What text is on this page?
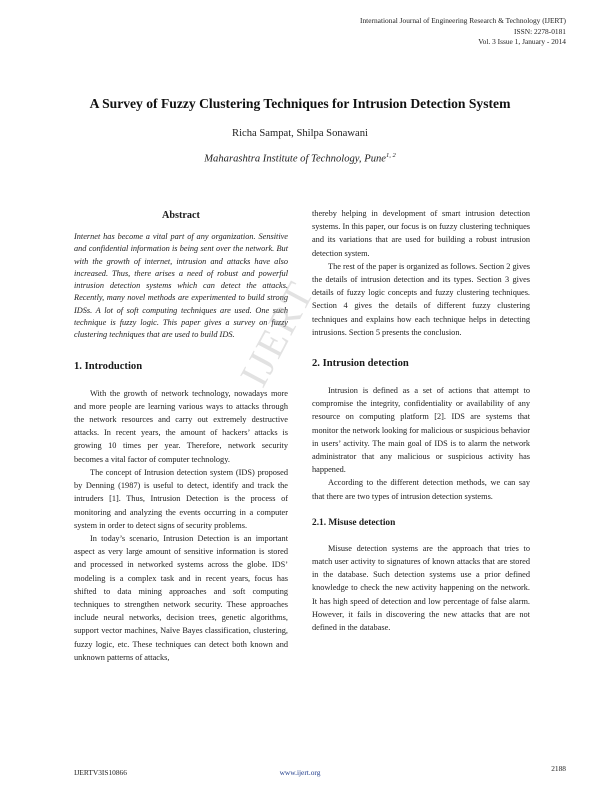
International Journal of Engineering Research & Technology (IJERT)
ISSN: 2278-0181
Vol. 3 Issue 1, January - 2014
A Survey of Fuzzy Clustering Techniques for Intrusion Detection System
Richa Sampat, Shilpa Sonawani
Maharashtra Institute of Technology, Pune$^{1, 2}$
Abstract

Internet has become a vital part of any organization. Sensitive and confidential information is being sent over the network. But with the growth of internet, intrusion and attacks have also increased. Thus, there arises a need of robust and powerful intrusion detection systems which can detect the attacks. Recently, many novel methods are experimented to build strong IDSs. A lot of soft computing techniques are used. One such technique is fuzzy logic. This paper gives a survey on fuzzy clustering techniques that are used to build IDS.

1. Introduction

With the growth of network technology, nowadays more and more people are learning various ways to attacks through the network resources and carry out extremely destructive attacks. In recent years, the amount of hackers’ attacks is growing 10 times per year. Therefore, network security becomes a vital factor of computer technology.

The concept of Intrusion detection system (IDS) proposed by Denning (1987) is useful to detect, identify and track the intruders [1]. Thus, Intrusion Detection is the process of monitoring and analyzing the events occurring in a computer system in order to detect signs of security problems.

In today’s scenario, Intrusion Detection is an important aspect as very large amount of sensitive information is stored and processed in networked systems across the globe. IDS’ modeling is a complex task and in recent years, focus has shifted to data mining approaches and soft computing techniques to strengthen network security. These approaches include neural networks, decision trees, genetic algorithms, support vector machines, Naïve Bayes classification, clustering, fuzzy logic, etc. These techniques can detect both known and unknown patterns of attacks,

thereby helping in development of smart intrusion detection systems. In this paper, our focus is on fuzzy clustering techniques and its variations that are used for building a robust intrusion detection system.

The rest of the paper is organized as follows. Section 2 gives the details of intrusion detection and its types. Section 3 gives details of fuzzy logic concepts and fuzzy clustering techniques. Section 4 gives the details of different fuzzy clustering techniques and explains how each technique helps in detecting intrusions. Section 5 presents the conclusion.

2. Intrusion detection

Intrusion is defined as a set of actions that attempt to compromise the integrity, confidentiality or availability of any resource on computing platform [2]. IDS are systems that monitor the network looking for malicious or suspicious behavior in users’ activity. The main goal of IDS is to alarm the network administrator that any malicious or suspicious activity has happened.

According to the different detection methods, we can say that there are two types of intrusion detection systems.

2.1. Misuse detection

Misuse detection systems are the approach that tries to match user activity to signatures of known attacks that are stored in the database. Such detection systems use a prior defined knowledge to check the new activity happening on the network. It has high speed of detection and low percentage of false alarm. However, it fails in discovering the new attacks that are not defined in the database.

IJERT
IJERTV3IS10866	www.ijert.org	2188
